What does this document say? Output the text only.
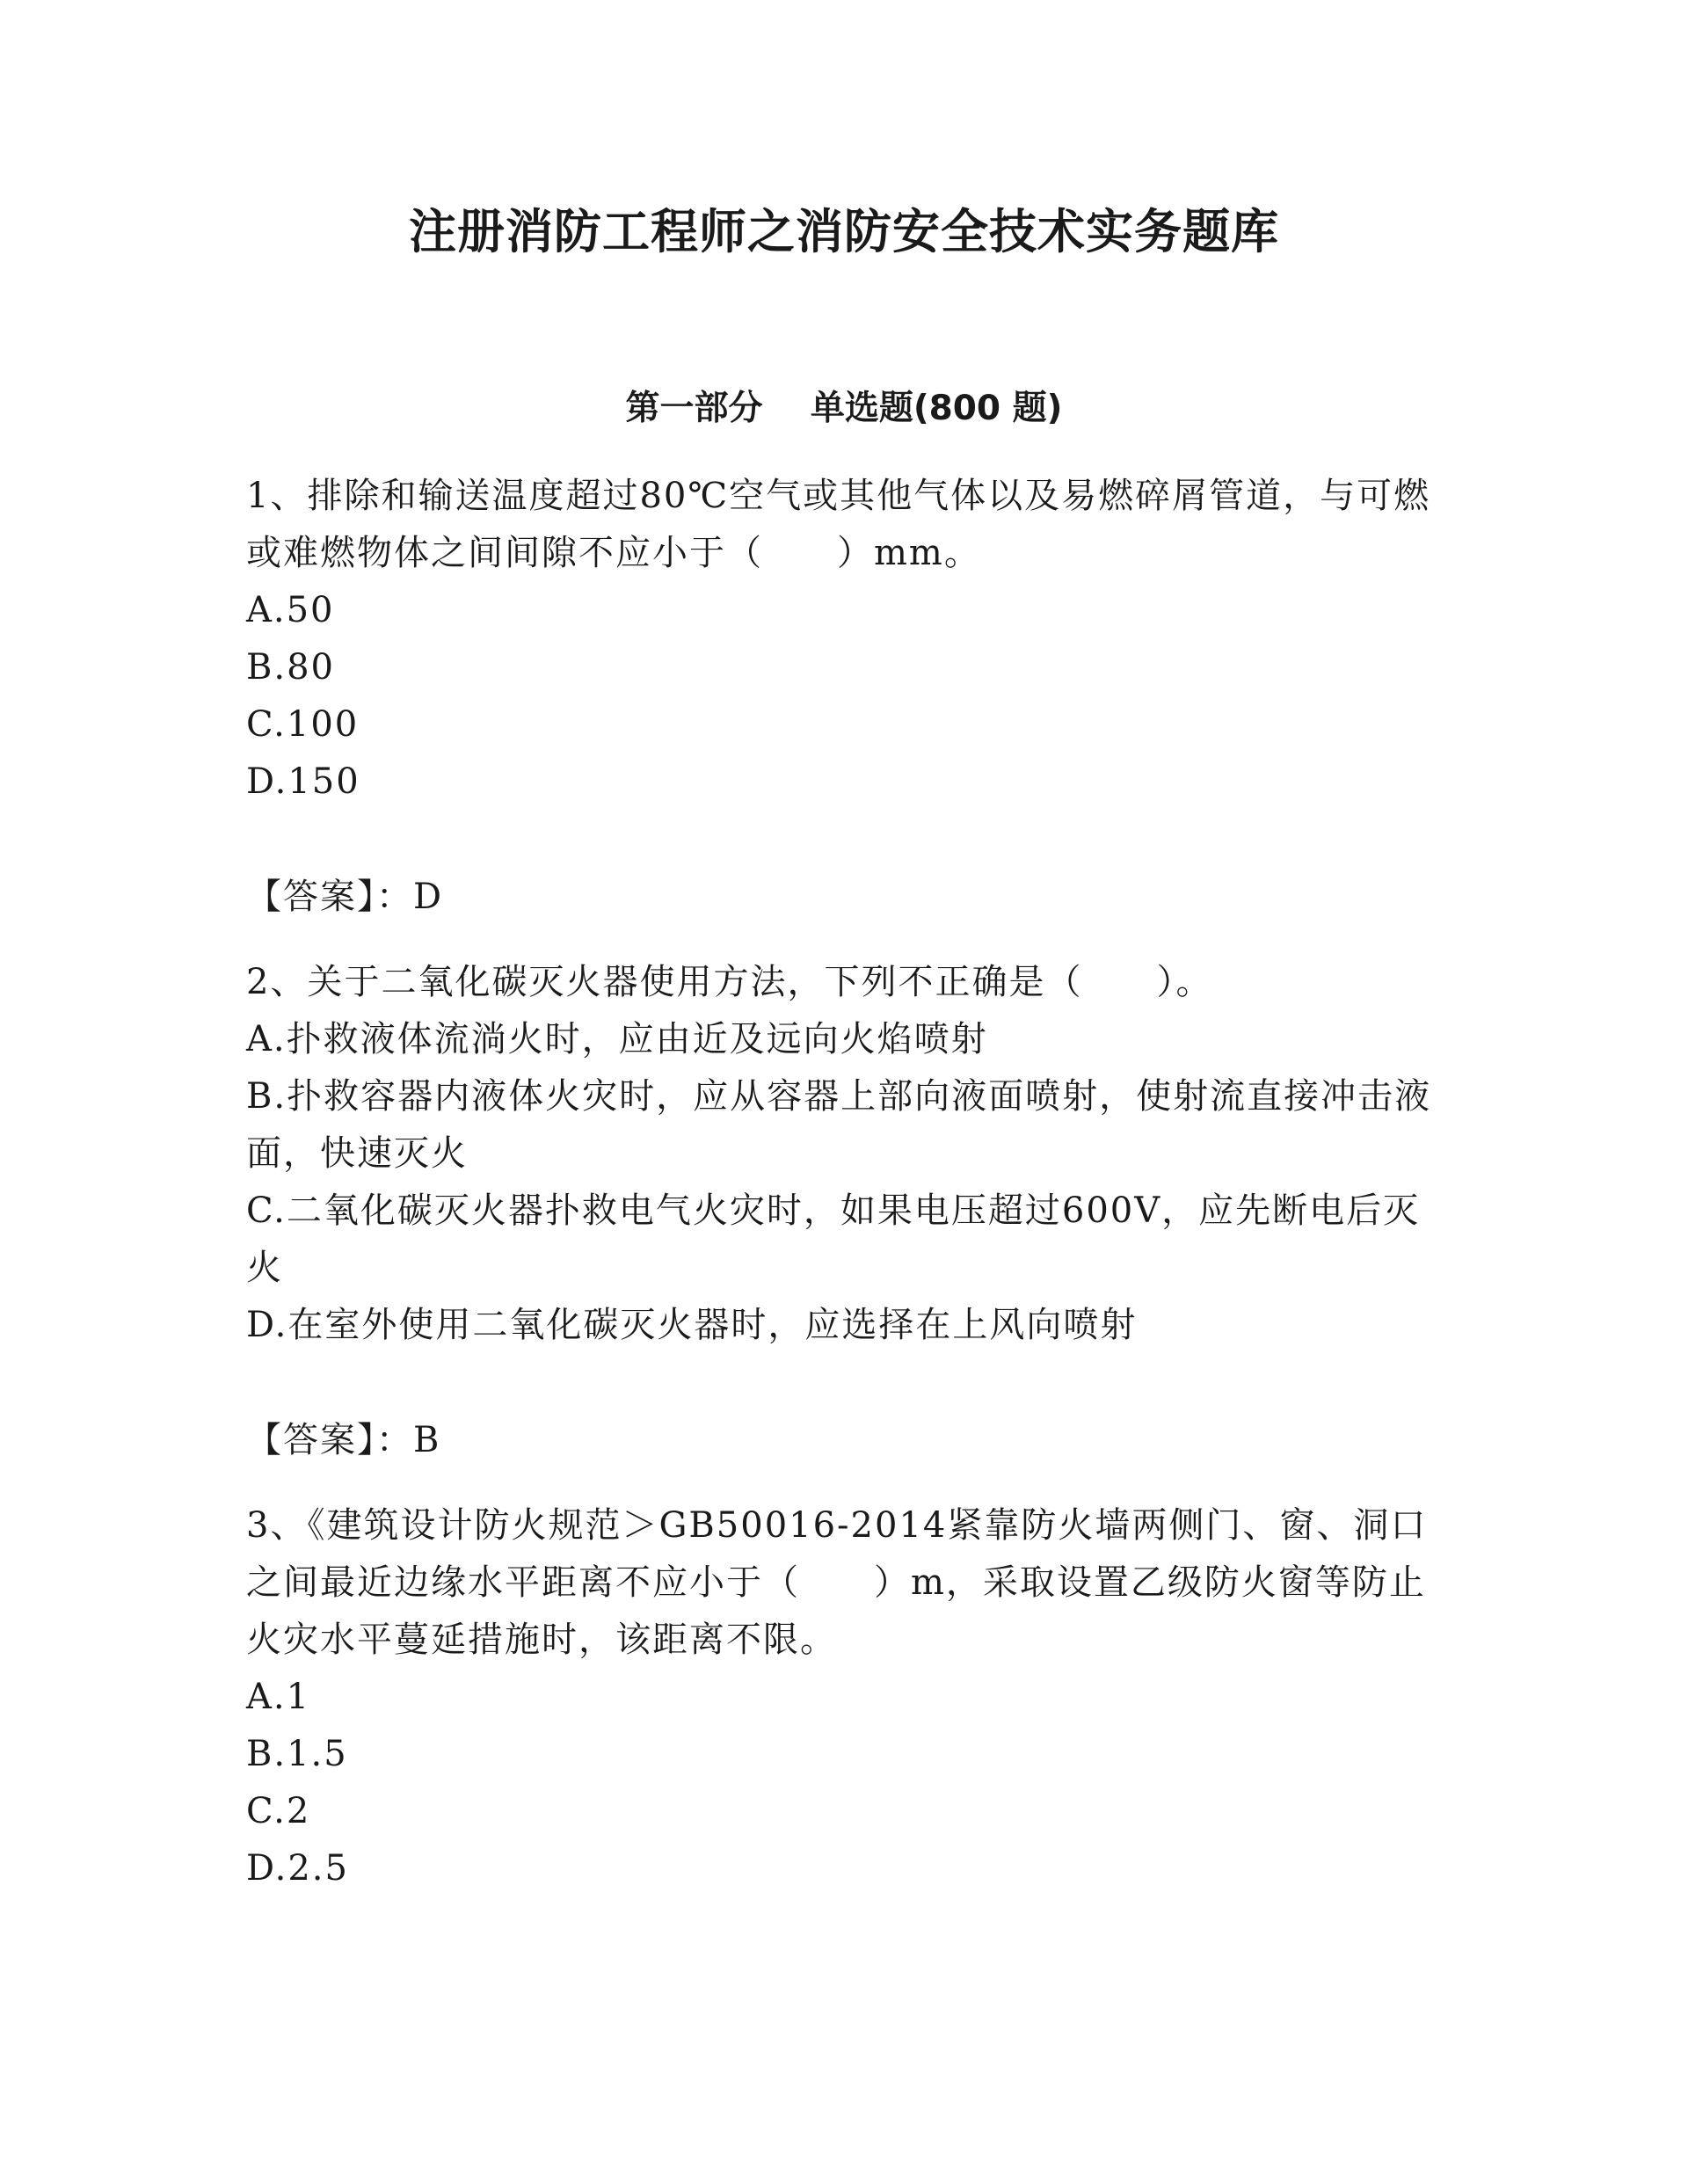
注册消防工程师之消防安全技术实务题库
第一部分    单选题(800 题)

1、排除和输送温度超过80℃空气或其他气体以及易燃碎屑管道，与可燃或难燃物体之间间隙不应小于（　　）mm。

A.50

B.80

C.100

D.150

【答案】：D

2、关于二氧化碳灭火器使用方法，下列不正确是（　　）。

A.扑救液体流淌火时，应由近及远向火焰喷射

B.扑救容器内液体火灾时，应从容器上部向液面喷射，使射流直接冲击液面，快速灭火

C.二氧化碳灭火器扑救电气火灾时，如果电压超过600V，应先断电后灭火

D.在室外使用二氧化碳灭火器时，应选择在上风向喷射

【答案】：B

3、《建筑设计防火规范＞GB50016-2014紧靠防火墙两侧门、窗、洞口之间最近边缘水平距离不应小于（　　）m，采取设置乙级防火窗等防止火灾水平蔓延措施时，该距离不限。

A.1

B.1.5

C.2

D.2.5
